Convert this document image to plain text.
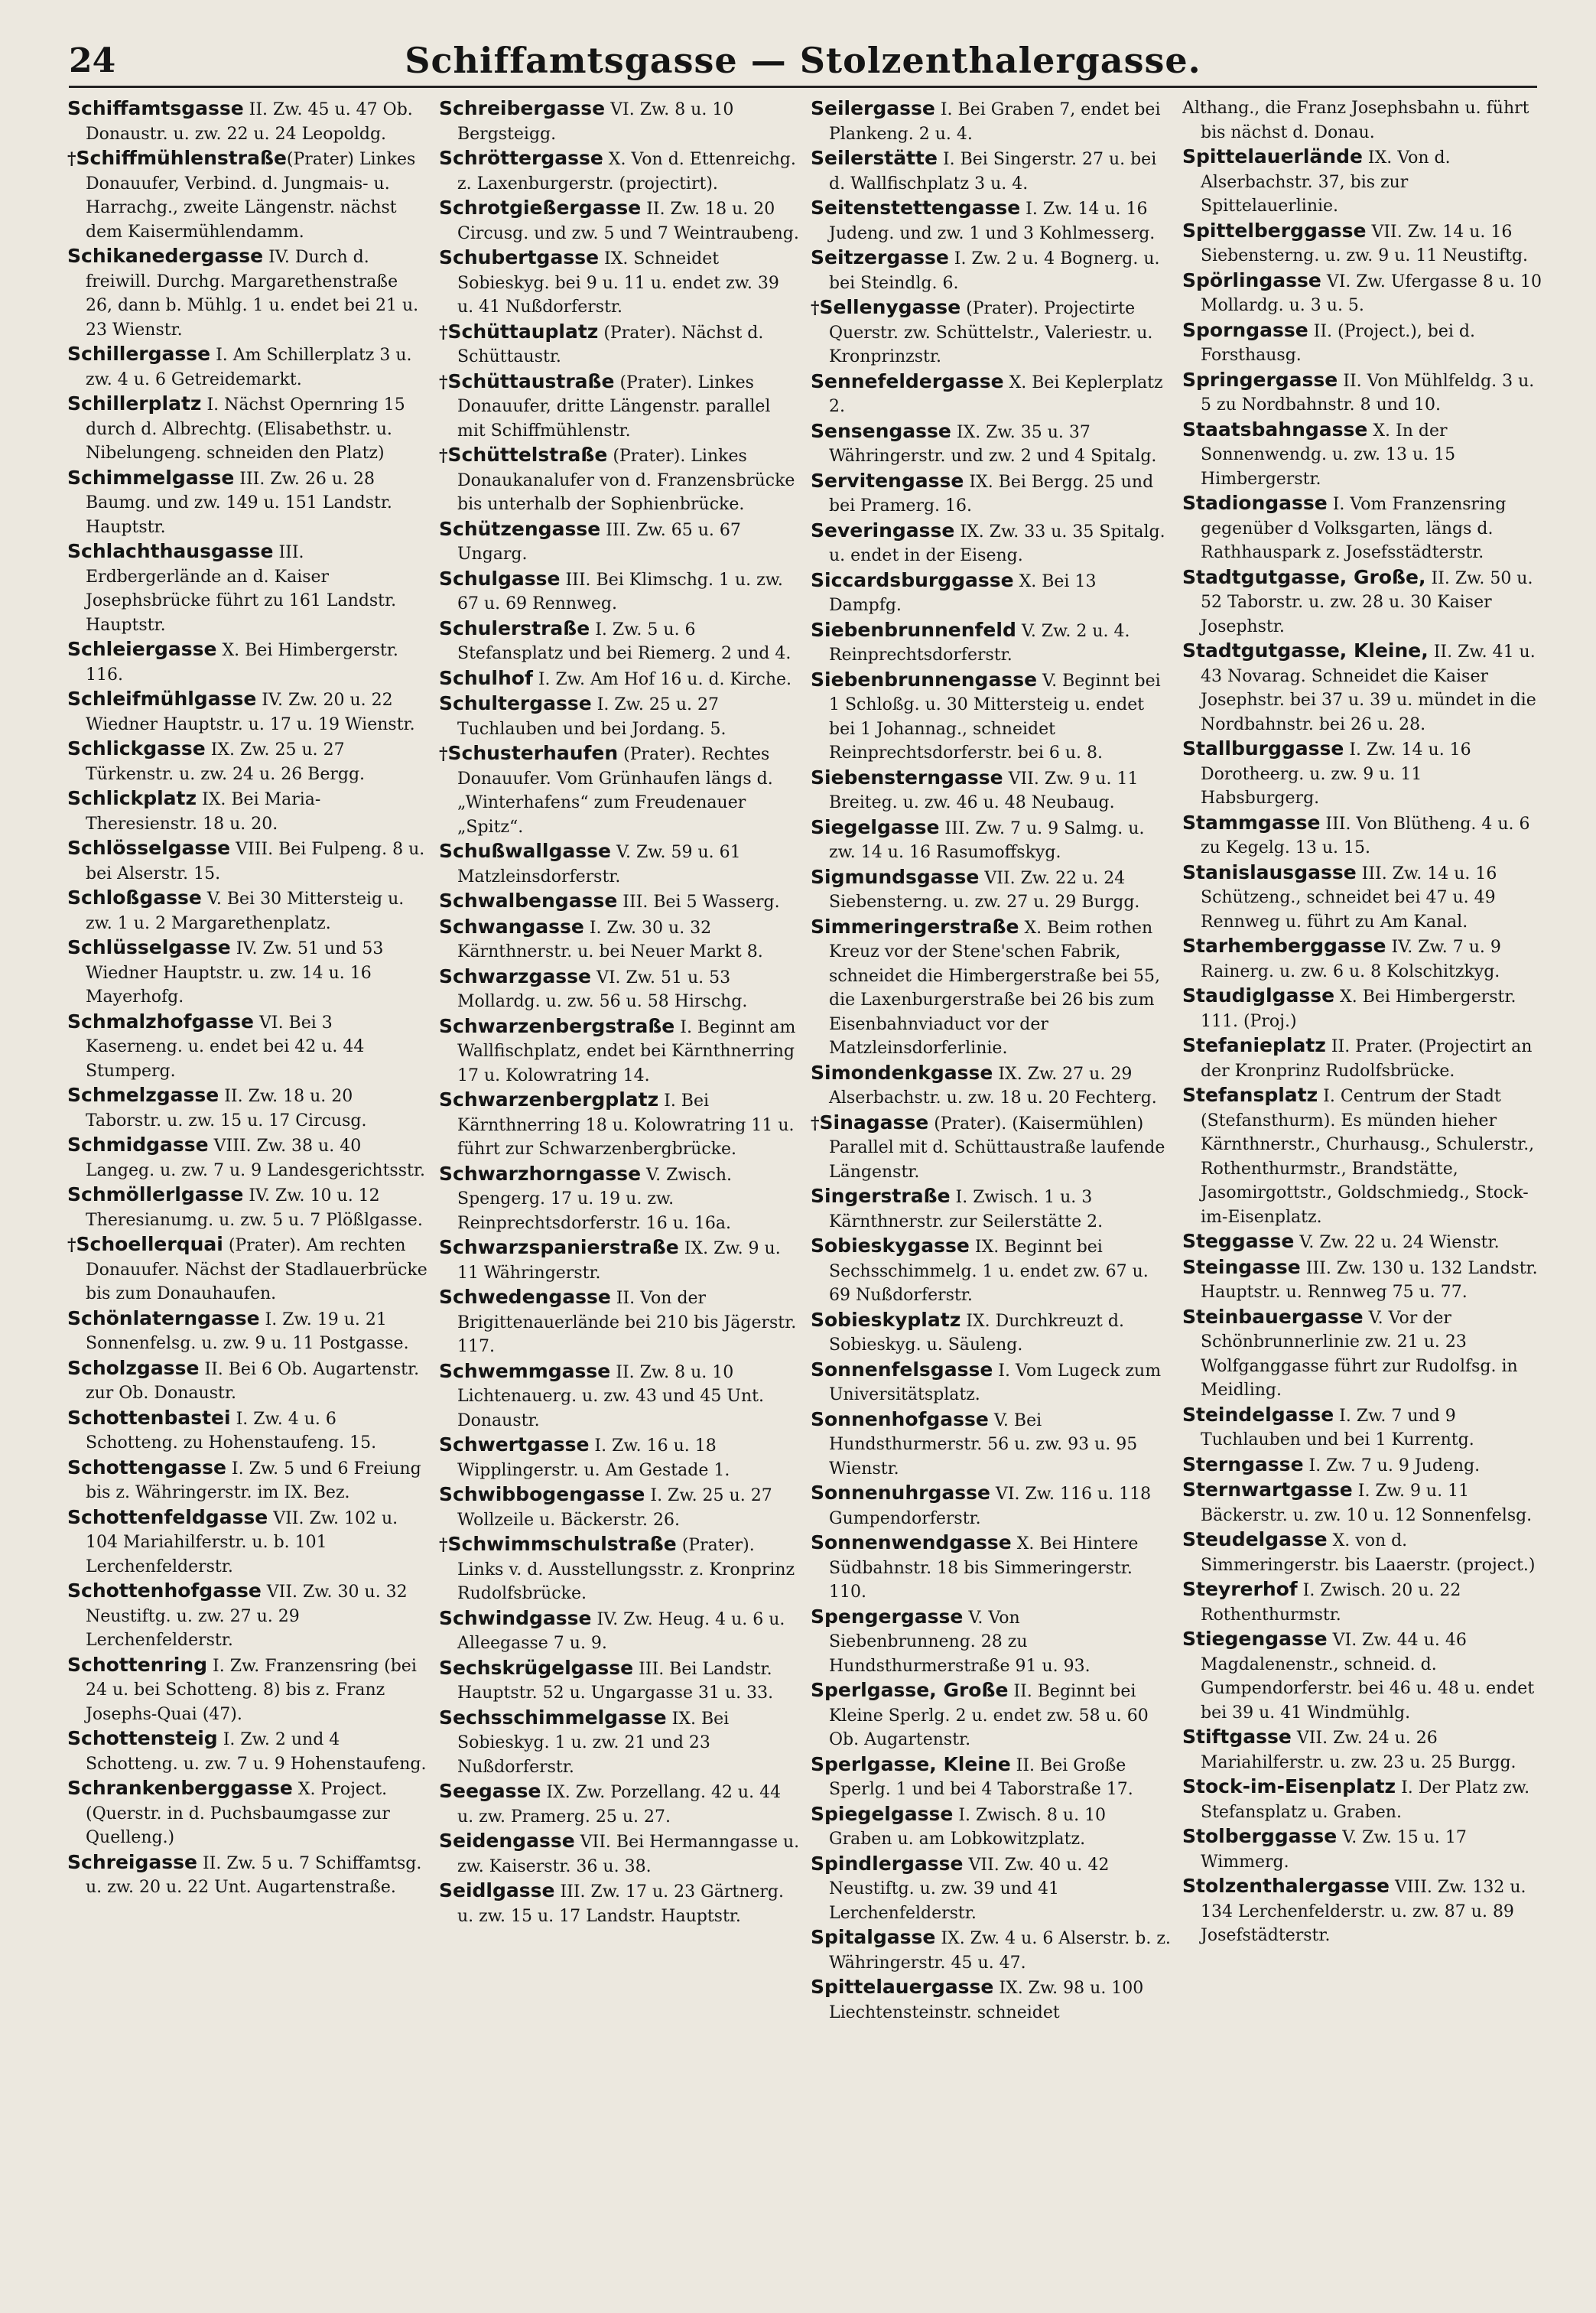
24	Schiffamtsgasse — Stolzenthalergasse.

Schiffamtsgasse II. Zw. 45 u. 47 Ob. Donaustr. u. zw. 22 u. 24 Leopoldg.

†Schiffmühlenstraße(Prater) Linkes Donauufer, Verbind. d. Jungmais- u. Harrachg., zweite Längenstr. nächst dem Kaisermühlendamm.

Schikanedergasse IV. Durch d. freiwill. Durchg. Margarethenstraße 26, dann b. Mühlg. 1 u. endet bei 21 u. 23 Wienstr.

Schillergasse I. Am Schillerplatz 3 u. zw. 4 u. 6 Getreidemarkt.

Schillerplatz I. Nächst Opernring 15 durch d. Albrechtg. (Elisabethstr. u. Nibelungeng. schneiden den Platz)

Schimmelgasse III. Zw. 26 u. 28 Baumg. und zw. 149 u. 151 Landstr. Hauptstr.

Schlachthausgasse III. Erdbergerlände an d. Kaiser Josephsbrücke führt zu 161 Landstr. Hauptstr.

Schleiergasse X. Bei Himbergerstr. 116.

Schleifmühlgasse IV. Zw. 20 u. 22 Wiedner Hauptstr. u. 17 u. 19 Wienstr.

Schlickgasse IX. Zw. 25 u. 27 Türkenstr. u. zw. 24 u. 26 Bergg.

Schlickplatz IX. Bei Maria-Theresienstr. 18 u. 20.

Schlösselgasse VIII. Bei Fulpeng. 8 u. bei Alserstr. 15.

Schloßgasse V. Bei 30 Mittersteig u. zw. 1 u. 2 Margarethenplatz.

Schlüsselgasse IV. Zw. 51 und 53 Wiedner Hauptstr. u. zw. 14 u. 16 Mayerhofg.

Schmalzhofgasse VI. Bei 3 Kaserneng. u. endet bei 42 u. 44 Stumperg.

Schmelzgasse II. Zw. 18 u. 20 Taborstr. u. zw. 15 u. 17 Circusg.

Schmidgasse VIII. Zw. 38 u. 40 Langeg. u. zw. 7 u. 9 Landesgerichtsstr.

Schmöllerlgasse IV. Zw. 10 u. 12 Theresianumg. u. zw. 5 u. 7 Plößlgasse.

†Schoellerquai (Prater). Am rechten Donauufer. Nächst der Stadlauerbrücke bis zum Donauhaufen.

Schönlaterngasse I. Zw. 19 u. 21 Sonnenfelsg. u. zw. 9 u. 11 Postgasse.

Scholzgasse II. Bei 6 Ob. Augartenstr. zur Ob. Donaustr.

Schottenbastei I. Zw. 4 u. 6 Schotteng. zu Hohenstaufeng. 15.

Schottengasse I. Zw. 5 und 6 Freiung bis z. Währingerstr. im IX. Bez.

Schottenfeldgasse VII. Zw. 102 u. 104 Mariahilferstr. u. b. 101 Lerchenfelderstr.

Schottenhofgasse VII. Zw. 30 u. 32 Neustiftg. u. zw. 27 u. 29 Lerchenfelderstr.

Schottenring I. Zw. Franzensring (bei 24 u. bei Schotteng. 8) bis z. Franz Josephs-Quai (47).

Schottensteig I. Zw. 2 und 4 Schotteng. u. zw. 7 u. 9 Hohenstaufeng.

Schrankenberggasse X. Project. (Querstr. in d. Puchsbaumgasse zur Quelleng.)

Schreigasse II. Zw. 5 u. 7 Schiffamtsg. u. zw. 20 u. 22 Unt. Augartenstraße.

Schreibergasse VI. Zw. 8 u. 10 Bergsteigg.

Schröttergasse X. Von d. Ettenreichg. z. Laxenburgerstr. (projectirt).

Schrotgießergasse II. Zw. 18 u. 20 Circusg. und zw. 5 und 7 Weintraubeng.

Schubertgasse IX. Schneidet Sobieskyg. bei 9 u. 11 u. endet zw. 39 u. 41 Nußdorferstr.

†Schüttauplatz (Prater). Nächst d. Schüttaustr.

†Schüttaustraße (Prater). Linkes Donauufer, dritte Längenstr. parallel mit Schiffmühlenstr.

†Schüttelstraße (Prater). Linkes Donaukanalufer von d. Franzensbrücke bis unterhalb der Sophienbrücke.

Schützengasse III. Zw. 65 u. 67 Ungarg.

Schulgasse III. Bei Klimschg. 1 u. zw. 67 u. 69 Rennweg.

Schulerstraße I. Zw. 5 u. 6 Stefansplatz und bei Riemerg. 2 und 4.

Schulhof I. Zw. Am Hof 16 u. d. Kirche.

Schultergasse I. Zw. 25 u. 27 Tuchlauben und bei Jordang. 5.

†Schusterhaufen (Prater). Rechtes Donauufer. Vom Grünhaufen längs d. „Winterhafens“ zum Freudenauer „Spitz“.

Schußwallgasse V. Zw. 59 u. 61 Matzleinsdorferstr.

Schwalbengasse III. Bei 5 Wasserg.

Schwangasse I. Zw. 30 u. 32 Kärnthnerstr. u. bei Neuer Markt 8.

Schwarzgasse VI. Zw. 51 u. 53 Mollardg. u. zw. 56 u. 58 Hirschg.

Schwarzenbergstraße I. Beginnt am Wallfischplatz, endet bei Kärnthnerring 17 u. Kolowratring 14.

Schwarzenbergplatz I. Bei Kärnthnerring 18 u. Kolowratring 11 u. führt zur Schwarzenbergbrücke.

Schwarzhorngasse V. Zwisch. Spengerg. 17 u. 19 u. zw. Reinprechtsdorferstr. 16 u. 16a.

Schwarzspanierstraße IX. Zw. 9 u. 11 Währingerstr.

Schwedengasse II. Von der Brigittenauerlände bei 210 bis Jägerstr. 117.

Schwemmgasse II. Zw. 8 u. 10 Lichtenauerg. u. zw. 43 und 45 Unt. Donaustr.

Schwertgasse I. Zw. 16 u. 18 Wipplingerstr. u. Am Gestade 1.

Schwibbogengasse I. Zw. 25 u. 27 Wollzeile u. Bäckerstr. 26.

†Schwimmschulstraße (Prater). Links v. d. Ausstellungsstr. z. Kronprinz Rudolfsbrücke.

Schwindgasse IV. Zw. Heug. 4 u. 6 u. Alleegasse 7 u. 9.

Sechskrügelgasse III. Bei Landstr. Hauptstr. 52 u. Ungargasse 31 u. 33.

Sechsschimmelgasse IX. Bei Sobieskyg. 1 u. zw. 21 und 23 Nußdorferstr.

Seegasse IX. Zw. Porzellang. 42 u. 44 u. zw. Pramerg. 25 u. 27.

Seidengasse VII. Bei Hermanngasse u. zw. Kaiserstr. 36 u. 38.

Seidlgasse III. Zw. 17 u. 23 Gärtnerg. u. zw. 15 u. 17 Landstr. Hauptstr.

Seilergasse I. Bei Graben 7, endet bei Plankeng. 2 u. 4.

Seilerstätte I. Bei Singerstr. 27 u. bei d. Wallfischplatz 3 u. 4.

Seitenstettengasse I. Zw. 14 u. 16 Judeng. und zw. 1 und 3 Kohlmesserg.

Seitzergasse I. Zw. 2 u. 4 Bognerg. u. bei Steindlg. 6.

†Sellenygasse (Prater). Projectirte Querstr. zw. Schüttelstr., Valeriestr. u. Kronprinzstr.

Sennefeldergasse X. Bei Keplerplatz 2.

Sensengasse IX. Zw. 35 u. 37 Währingerstr. und zw. 2 und 4 Spitalg.

Servitengasse IX. Bei Bergg. 25 und bei Pramerg. 16.

Severingasse IX. Zw. 33 u. 35 Spitalg. u. endet in der Eiseng.

Siccardsburggasse X. Bei 13 Dampfg.

Siebenbrunnenfeld V. Zw. 2 u. 4. Reinprechtsdorferstr.

Siebenbrunnengasse V. Beginnt bei 1 Schloßg. u. 30 Mittersteig u. endet bei 1 Johannag., schneidet Reinprechtsdorferstr. bei 6 u. 8.

Siebensterngasse VII. Zw. 9 u. 11 Breiteg. u. zw. 46 u. 48 Neubaug.

Siegelgasse III. Zw. 7 u. 9 Salmg. u. zw. 14 u. 16 Rasumoffskyg.

Sigmundsgasse VII. Zw. 22 u. 24 Siebensterng. u. zw. 27 u. 29 Burgg.

Simmeringerstraße X. Beim rothen Kreuz vor der Stene'schen Fabrik, schneidet die Himbergerstraße bei 55, die Laxenburgerstraße bei 26 bis zum Eisenbahnviaduct vor der Matzleinsdorferlinie.

Simondenkgasse IX. Zw. 27 u. 29 Alserbachstr. u. zw. 18 u. 20 Fechterg.

†Sinagasse (Prater). (Kaisermühlen) Parallel mit d. Schüttaustraße laufende Längenstr.

Singerstraße I. Zwisch. 1 u. 3 Kärnthnerstr. zur Seilerstätte 2.

Sobieskygasse IX. Beginnt bei Sechsschimmelg. 1 u. endet zw. 67 u. 69 Nußdorferstr.

Sobieskyplatz IX. Durchkreuzt d. Sobieskyg. u. Säuleng.

Sonnenfelsgasse I. Vom Lugeck zum Universitätsplatz.

Sonnenhofgasse V. Bei Hundsthurmerstr. 56 u. zw. 93 u. 95 Wienstr.

Sonnenuhrgasse VI. Zw. 116 u. 118 Gumpendorferstr.

Sonnenwendgasse X. Bei Hintere Südbahnstr. 18 bis Simmeringerstr. 110.

Spengergasse V. Von Siebenbrunneng. 28 zu Hundsthurmerstraße 91 u. 93.

Sperlgasse, Große II. Beginnt bei Kleine Sperlg. 2 u. endet zw. 58 u. 60 Ob. Augartenstr.

Sperlgasse, Kleine II. Bei Große Sperlg. 1 und bei 4 Taborstraße 17.

Spiegelgasse I. Zwisch. 8 u. 10 Graben u. am Lobkowitzplatz.

Spindlergasse VII. Zw. 40 u. 42 Neustiftg. u. zw. 39 und 41 Lerchenfelderstr.

Spitalgasse IX. Zw. 4 u. 6 Alserstr. b. z. Währingerstr. 45 u. 47.

Spittelauergasse IX. Zw. 98 u. 100 Liechtensteinstr. schneidet

Althang., die Franz Josephsbahn u. führt bis nächst d. Donau.

Spittelauerlände IX. Von d. Alserbachstr. 37, bis zur Spittelauerlinie.

Spittelberggasse VII. Zw. 14 u. 16 Siebensterng. u. zw. 9 u. 11 Neustiftg.

Spörlingasse VI. Zw. Ufergasse 8 u. 10 Mollardg. u. 3 u. 5.

Sporngasse II. (Project.), bei d. Forsthausg.

Springergasse II. Von Mühlfeldg. 3 u. 5 zu Nordbahnstr. 8 und 10.

Staatsbahngasse X. In der Sonnenwendg. u. zw. 13 u. 15 Himbergerstr.

Stadiongasse I. Vom Franzensring gegenüber d Volksgarten, längs d. Rathhauspark z. Josefsstädterstr.

Stadtgutgasse, Große, II. Zw. 50 u. 52 Taborstr. u. zw. 28 u. 30 Kaiser Josephstr.

Stadtgutgasse, Kleine, II. Zw. 41 u. 43 Novarag. Schneidet die Kaiser Josephstr. bei 37 u. 39 u. mündet in die Nordbahnstr. bei 26 u. 28.

Stallburggasse I. Zw. 14 u. 16 Dorotheerg. u. zw. 9 u. 11 Habsburgerg.

Stammgasse III. Von Blütheng. 4 u. 6 zu Kegelg. 13 u. 15.

Stanislausgasse III. Zw. 14 u. 16 Schützeng., schneidet bei 47 u. 49 Rennweg u. führt zu Am Kanal.

Starhemberggasse IV. Zw. 7 u. 9 Rainerg. u. zw. 6 u. 8 Kolschitzkyg.

Staudiglgasse X. Bei Himbergerstr. 111. (Proj.)

Stefanieplatz II. Prater. (Projectirt an der Kronprinz Rudolfsbrücke.

Stefansplatz I. Centrum der Stadt (Stefansthurm). Es münden hieher Kärnthnerstr., Churhausg., Schulerstr., Rothenthurmstr., Brandstätte, Jasomirgottstr., Goldschmiedg., Stock-im-Eisenplatz.

Steggasse V. Zw. 22 u. 24 Wienstr.

Steingasse III. Zw. 130 u. 132 Landstr. Hauptstr. u. Rennweg 75 u. 77.

Steinbauergasse V. Vor der Schönbrunnerlinie zw. 21 u. 23 Wolfganggasse führt zur Rudolfsg. in Meidling.

Steindelgasse I. Zw. 7 und 9 Tuchlauben und bei 1 Kurrentg.

Sterngasse I. Zw. 7 u. 9 Judeng.

Sternwartgasse I. Zw. 9 u. 11 Bäckerstr. u. zw. 10 u. 12 Sonnenfelsg.

Steudelgasse X. von d. Simmeringerstr. bis Laaerstr. (project.)

Steyrerhof I. Zwisch. 20 u. 22 Rothenthurmstr.

Stiegengasse VI. Zw. 44 u. 46 Magdalenenstr., schneid. d. Gumpendorferstr. bei 46 u. 48 u. endet bei 39 u. 41 Windmühlg.

Stiftgasse VII. Zw. 24 u. 26 Mariahilferstr. u. zw. 23 u. 25 Burgg.

Stock-im-Eisenplatz I. Der Platz zw. Stefansplatz u. Graben.

Stolberggasse V. Zw. 15 u. 17 Wimmerg.

Stolzenthalergasse VIII. Zw. 132 u. 134 Lerchenfelderstr. u. zw. 87 u. 89 Josefstädterstr.
